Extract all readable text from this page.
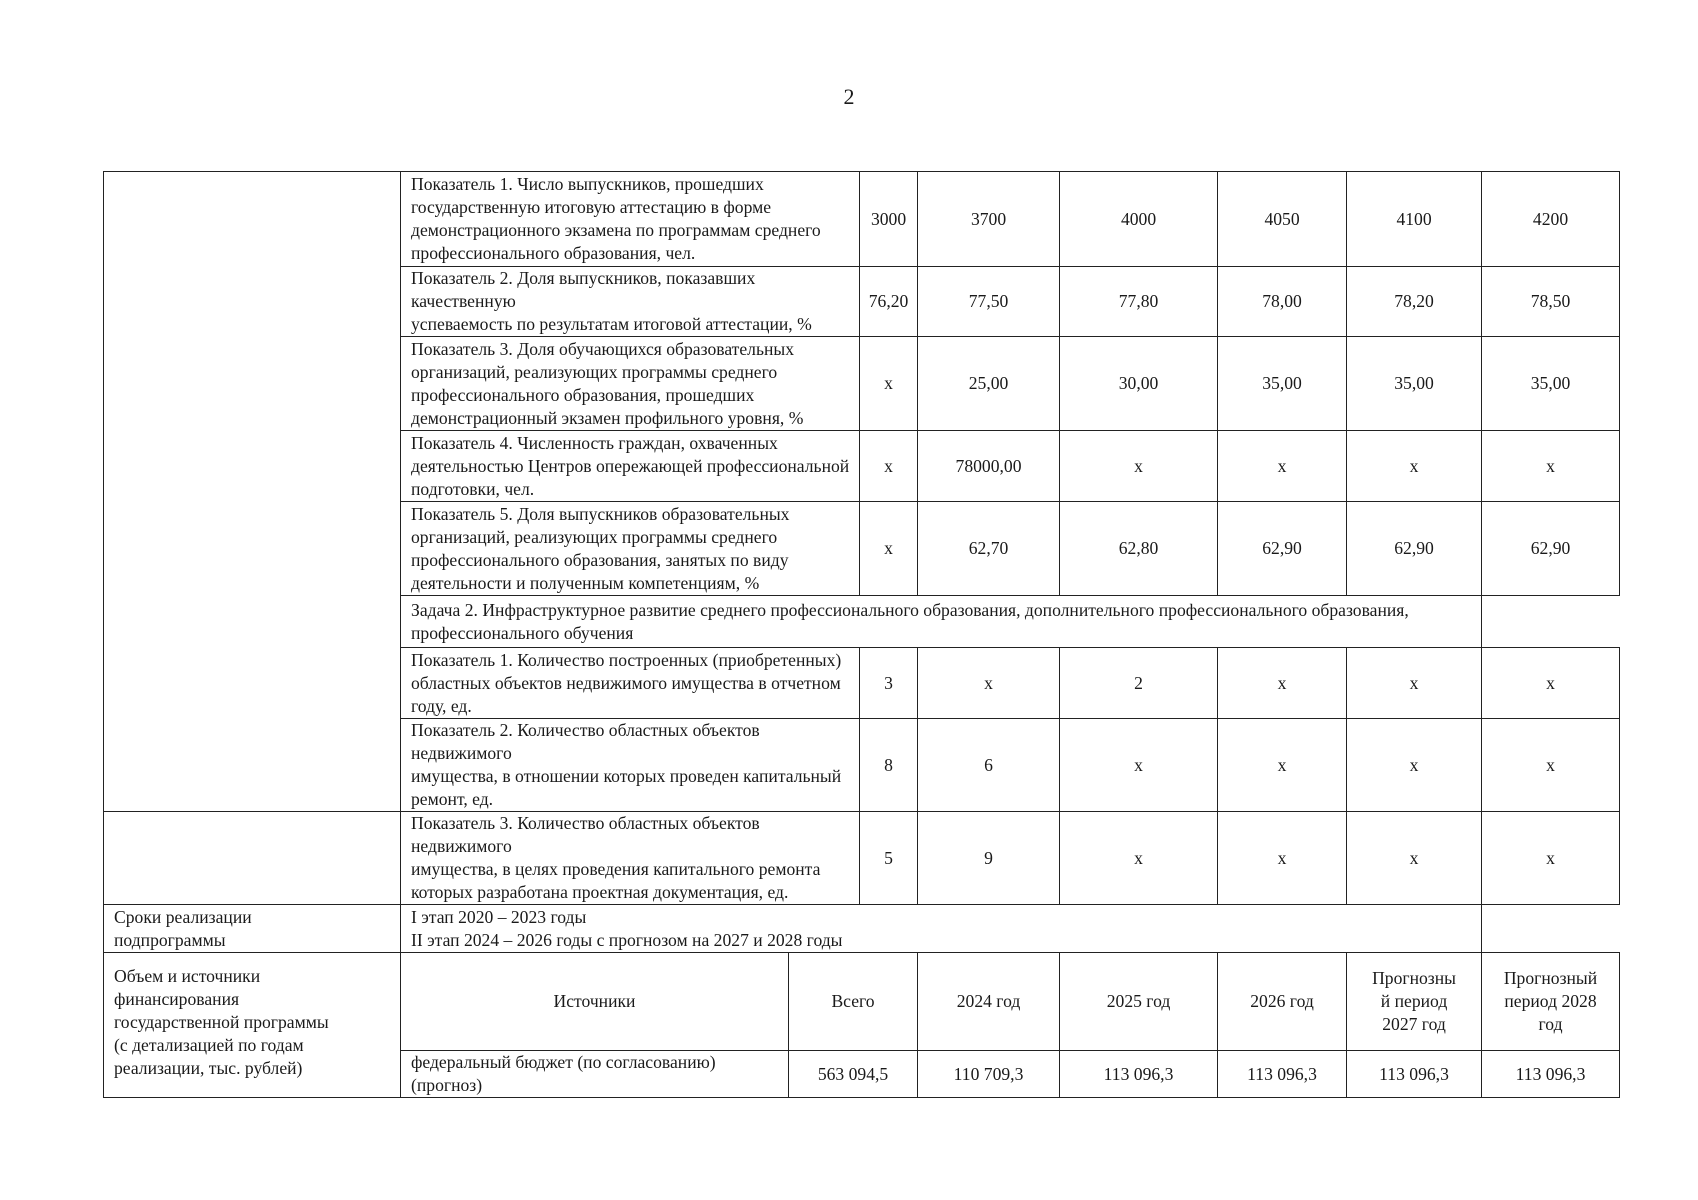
2

	Показатель 1. Число выпускников, прошедших
государственную итоговую аттестацию в форме
демонстрационного экзамена по программам среднего
профессионального образования, чел.		3000	3700	4000	4050	4100	4200

	Показатель 2. Доля выпускников, показавших качественную
успеваемость по результатам итоговой аттестации, %		76,20	77,50	77,80	78,00	78,20	78,50

	Показатель 3. Доля обучающихся образовательных
организаций, реализующих программы среднего
профессионального образования, прошедших
демонстрационный экзамен профильного уровня, %		х	25,00	30,00	35,00	35,00	35,00

	Показатель 4. Численность граждан, охваченных
деятельностью Центров опережающей профессиональной
подготовки, чел.		х	78000,00	х	х	х	х

	Показатель 5. Доля выпускников образовательных
организаций, реализующих программы среднего
профессионального образования, занятых по виду
деятельности и полученным компетенциям, %		х	62,70	62,80	62,90	62,90	62,90

	Задача 2. Инфраструктурное развитие среднего профессионального образования, дополнительного профессионального образования,
профессионального обучения							

	Показатель 1. Количество построенных (приобретенных)
областных объектов недвижимого имущества в отчетном
году, ед.		3	х	2	х	х	х

	Показатель 2. Количество областных объектов недвижимого
имущества, в отношении которых проведен капитальный
ремонт, ед.		8	6	х	х	х	х

	Показатель 3. Количество областных объектов недвижимого
имущества, в целях проведения капитального ремонта
которых разработана проектная документация, ед.		5	9	х	х	х	х

Сроки реализации
подпрограммы	I этап 2020 – 2023 годы
II этап 2024 – 2026 годы с прогнозом на 2027 и 2028 годы							

Объем и источники
финансирования
государственной программы
(с детализацией по годам
реализации, тыс. рублей)	Источники	Всего		2024 год	2025 год	2026 год	Прогнозны
й период
2027 год	Прогнозный
период 2028
год

	федеральный бюджет (по согласованию)
(прогноз)	563 094,5		110 709,3	113 096,3	113 096,3	113 096,3	113 096,3
